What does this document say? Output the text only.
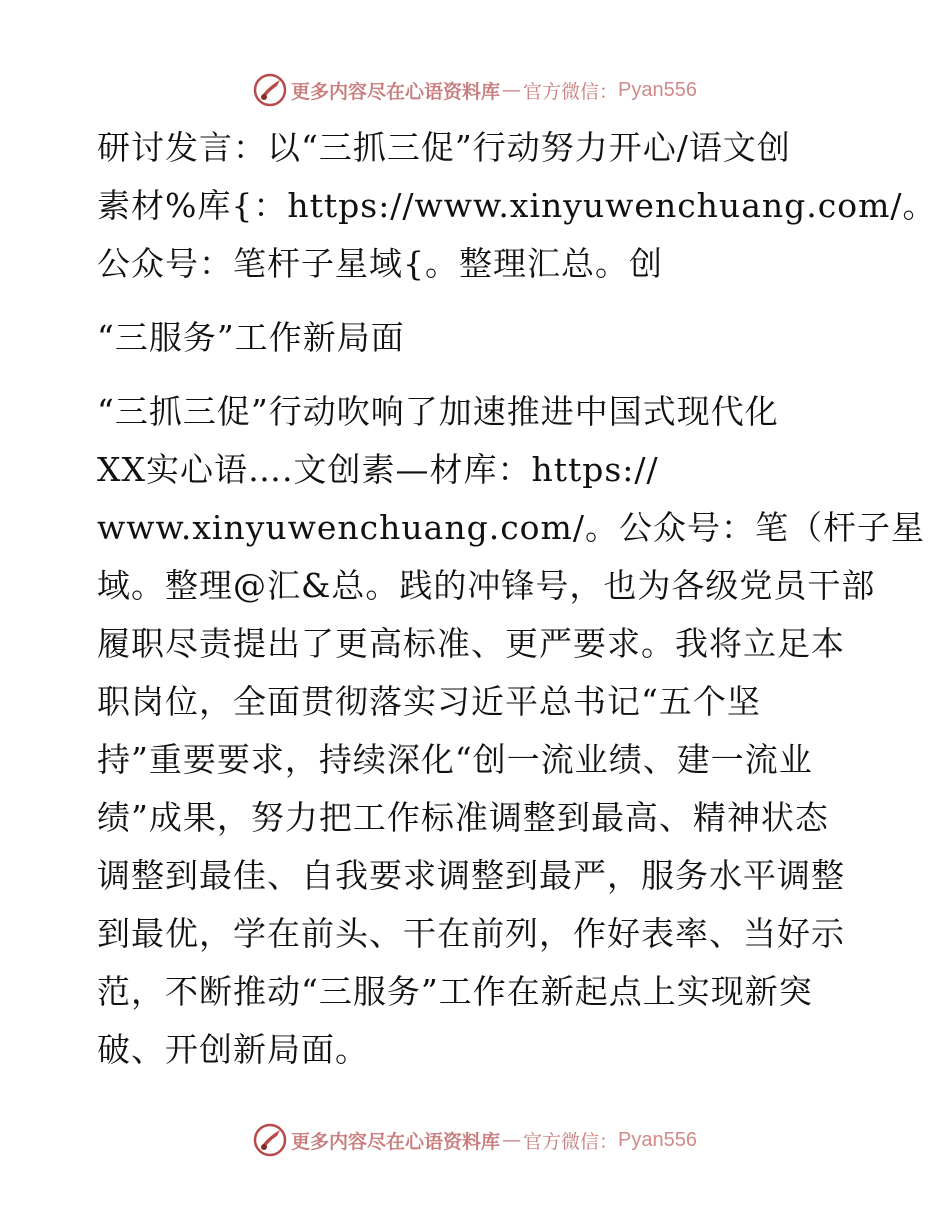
更多内容尽在心语资料库 — 官方微信： Pyan556
研讨发言：以“三抓三促”行动努力开心/语文创
素材%库{：https://www.xinyuwenchuang.com/。
公众号：笔杆子星域{。整理汇总。创
“三服务”工作新局面
“三抓三促”行动吹响了加速推进中国式现代化
XX实心语….文创素—材库：https://
www.xinyuwenchuang.com/。公众号：笔（杆子星
域。整理@汇&总。践的冲锋号，也为各级党员干部
履职尽责提出了更高标准、更严要求。我将立足本
职岗位，全面贯彻落实习近平总书记“五个坚
持”重要要求，持续深化“创一流业绩、建一流业
绩”成果，努力把工作标准调整到最高、精神状态
调整到最佳、自我要求调整到最严，服务水平调整
到最优，学在前头、干在前列，作好表率、当好示
范，不断推动“三服务”工作在新起点上实现新突
破、开创新局面。
更多内容尽在心语资料库 — 官方微信： Pyan556
